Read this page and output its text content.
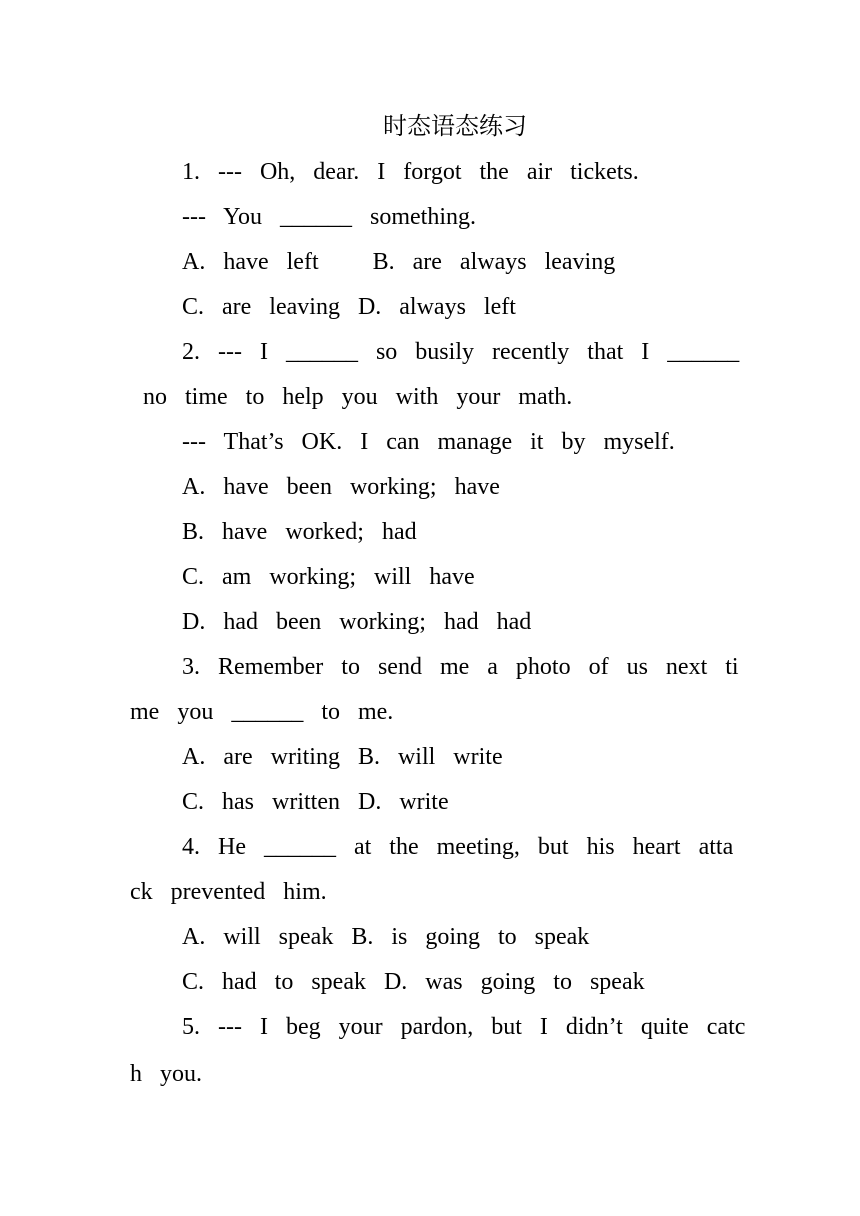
时态语态练习

1.  ---  Oh,  dear.  I  forgot  the  air  tickets.

---  You  ______  something.

A.  have  left      B.  are  always  leaving

C.  are  leaving  D.  always  left

2.  ---  I  ______  so  busily  recently  that  I  ______

no  time  to  help  you  with  your  math.

---  That’s  OK.  I  can  manage  it  by  myself.

A.  have  been  working;  have

B.  have  worked;  had

C.  am  working;  will  have

D.  had  been  working;  had  had

3.  Remember  to  send  me  a  photo  of  us  next  ti

me  you  ______  to  me.

A.  are  writing  B.  will  write

C.  has  written  D.  write

4.  He  ______  at  the  meeting,  but  his  heart  atta

ck  prevented  him.

A.  will  speak  B.  is  going  to  speak

C.  had  to  speak  D.  was  going  to  speak

5.  ---  I  beg  your  pardon,  but  I  didn’t  quite  catc

h  you.
